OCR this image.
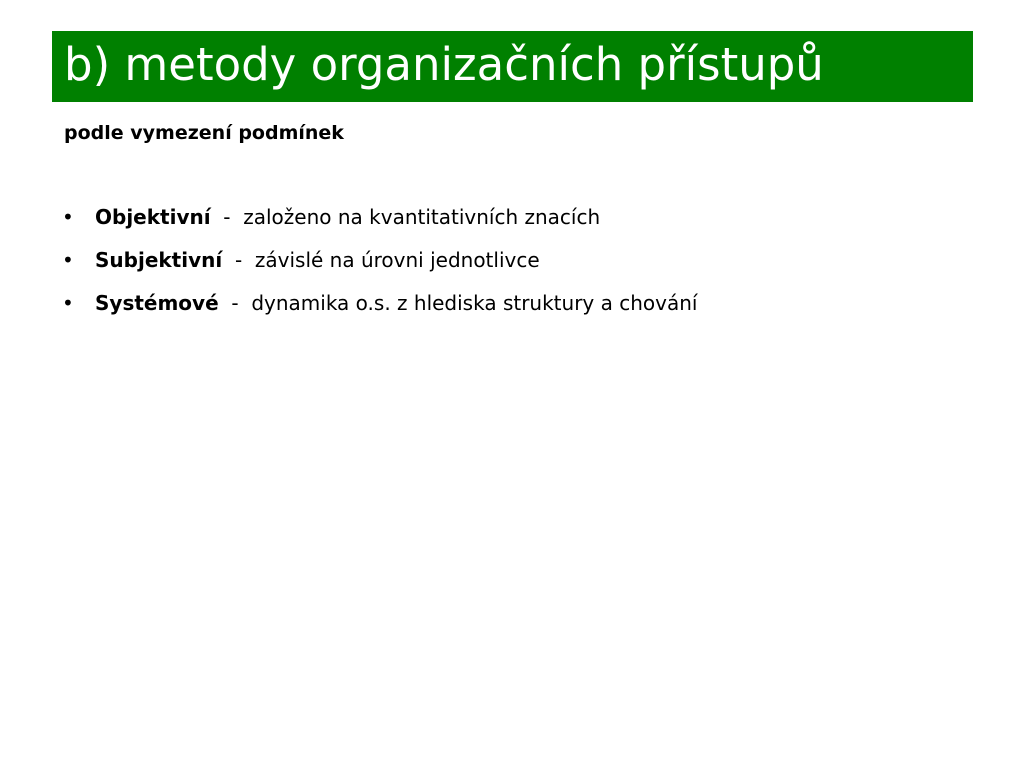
b) metody organizačních přístupů
podle vymezení podmínek
•	Objektivní - založeno na kvantitativních znacích
•	Subjektivní - závislé na úrovni jednotlivce
•	Systémové - dynamika o.s. z hlediska struktury a chování
